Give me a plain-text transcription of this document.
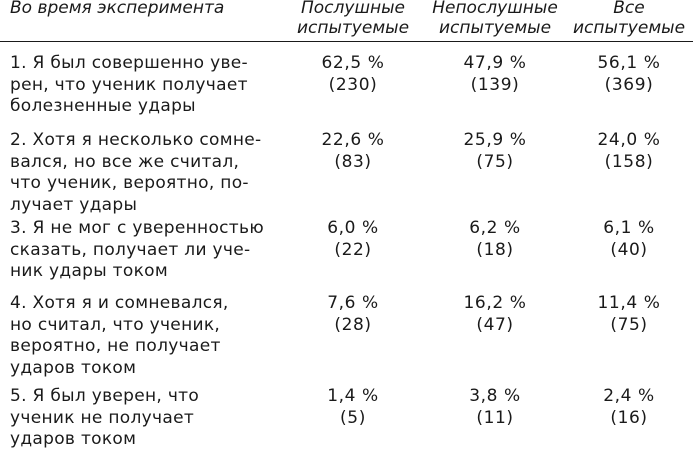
Во время эксперимента	Послушные
испытуемые
Непослушные
испытуемые
Все
испытуемые
1. Я был совершенно уве-
рен, что ученик получает
болезненные удары
62,5 %
(230)
47,9 %
(139)
56,1 %
(369)
2. Хотя я несколько сомне-
вался, но все же считал,
что ученик, вероятно, по-
лучает удары
22,6 %
(83)
25,9 %
(75)
24,0 %
(158)
3. Я не мог с уверенностью
сказать, получает ли уче-
ник удары током
6,0 %
(22)
6,2 %
(18)
6,1 %
(40)
4. Хотя я и сомневался,
но считал, что ученик,
вероятно, не получает
ударов током
7,6 %
(28)
16,2 %
(47)
11,4 %
(75)
5. Я был уверен, что
ученик не получает
ударов током
1,4 %
(5)
3,8 %
(11)
2,4 %
(16)
